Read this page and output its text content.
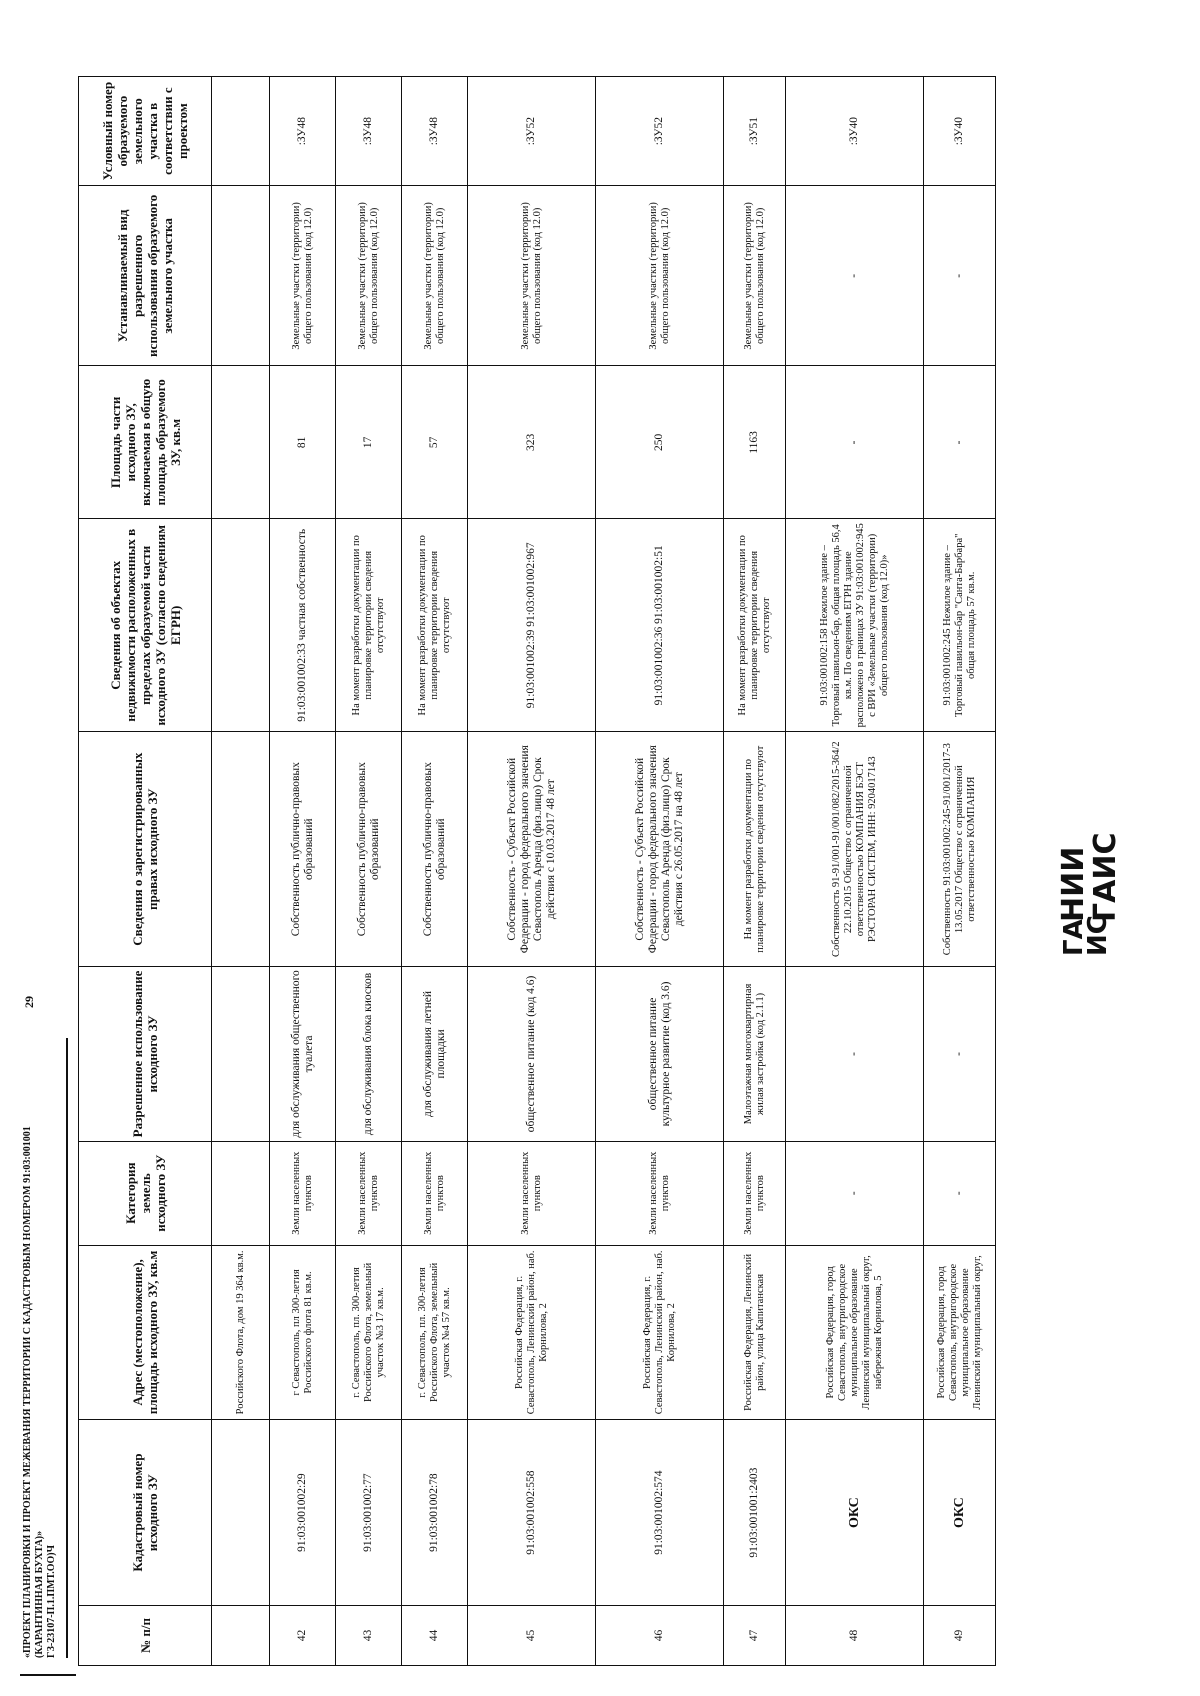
«ПРОЕКТ ПЛАНИРОВКИ И ПРОЕКТ МЕЖЕВАНИЯ ТЕРРИТОРИИ С КАДАСТРОВЫМ НОМЕРОМ 91:03:001001 (КАРАНТИННАЯ БУХТА)» ГЗ-23107-П.1.ПМТ.ОО)Ч
29
№ п/п	Кадастровый номер исходного ЗУ	Адрес (местоположение), площадь исходного ЗУ, кв.м	Категория земель исходного ЗУ	Разрешенное использование исходного ЗУ	Сведения о зарегистрированных правах исходного ЗУ	Сведения об объектах недвижимости расположенных в пределах образуемой части исходного ЗУ (согласно сведениям ЕГРН)	Площадь части исходного ЗУ, включаемая в общую площадь образуемого ЗУ, кв.м	Устанавливаемый вид разрешенного использования образуемого земельного участка	Условный номер образуемого земельного участка в соответствии с проектом
		Российского Флота, дом 19 364 кв.м.							
42	91:03:001002:29	г Севастополь, пл 300-летия Российского флота 81 кв.м.	Земли населенных пунктов	для обслуживания общественного туалета	Собственность публично-правовых образований	91:03:001002:33 частная собственность	81	Земельные участки (территории) общего пользования (код 12.0)	:ЗУ48
43	91:03:001002:77	г. Севастополь, пл. 300-летия Российского Флота, земельный участок №3 17 кв.м.	Земли населенных пунктов	для обслуживания блока киосков	Собственность публично-правовых образований	На момент разработки документации по планировке территории сведения отсутствуют	17	Земельные участки (территории) общего пользования (код 12.0)	:ЗУ48
44	91:03:001002:78	г. Севастополь, пл. 300-летия Российского Флота, земельный участок №4 57 кв.м.	Земли населенных пунктов	для обслуживания летней площадки	Собственность публично-правовых образований	На момент разработки документации по планировке территории сведения отсутствуют	57	Земельные участки (территории) общего пользования (код 12.0)	:ЗУ48
45	91:03:001002:558	Российская Федерация, г. Севастополь, Ленинский район, наб. Корнилова, 2	Земли населенных пунктов	общественное питание (код 4.6)	Собственность - Субъект Российской Федерации - город федерального значения Севастополь Аренда (физ.лицо) Срок действия с 10.03.2017 48 лет	91:03:001002:39 91:03:001002:967	323	Земельные участки (территории) общего пользования (код 12.0)	:ЗУ52
46	91:03:001002:574	Российская Федерация, г. Севастополь, Ленинский район, наб. Корнилова, 2	Земли населенных пунктов	общественное питание культурное развитие (код 3.6)	Собственность - Субъект Российской Федерации - город федерального значения Севастополь Аренда (физ.лицо) Срок действия с 26.05.2017 на 48 лет	91:03:001002:36 91:03:001002:51	250	Земельные участки (территории) общего пользования (код 12.0)	:ЗУ52
47	91:03:001001:2403	Российская Федерация, Ленинский район, улица Капитанская	Земли населенных пунктов	Малоэтажная многоквартирная жилая застройка (код 2.1.1)	На момент разработки документации по планировке территории сведения отсутствуют	На момент разработки документации по планировке территории сведения отсутствуют	1163	Земельные участки (территории) общего пользования (код 12.0)	:ЗУ51
48	ОКС	Российская Федерация, город Севастополь, внутригородское муниципальное образование Ленинский муниципальный округ, набережная Корнилова, 5	-	-	Собственность 91-91/001-91/001/082/2015-364/2 22.10.2015 Общество с ограниченной ответственностью КОМПАНИЯ БЭСТ РЭСТОРАН СИСТЕМ, ИНН: 9204017143	91:03:001002:158 Нежилое здание – Торговый павильон-бар, общая площадь 56,4 кв.м. По сведениям ЕГРН здание расположено в границах ЗУ 91:03:001002:945 с ВРИ «Земельные участки (территории) общего пользования (код 12.0)»	-	-	:ЗУ40
49	ОКС	Российская Федерация, город Севастополь, внутригородское муниципальное образование Ленинский муниципальный округ,	-	-	Собственность 91:03:001002:245-91/001/2017-3 13.05.2017 Общество с ограниченной ответственностью КОМПАНИЯ	91:03:001002:245 Нежилое здание – Торговый павильон-бар "Санта-Барбара" общая площадь 57 кв.м.	-	-	:ЗУ40
ГА ИС
НИИ ГАИС
